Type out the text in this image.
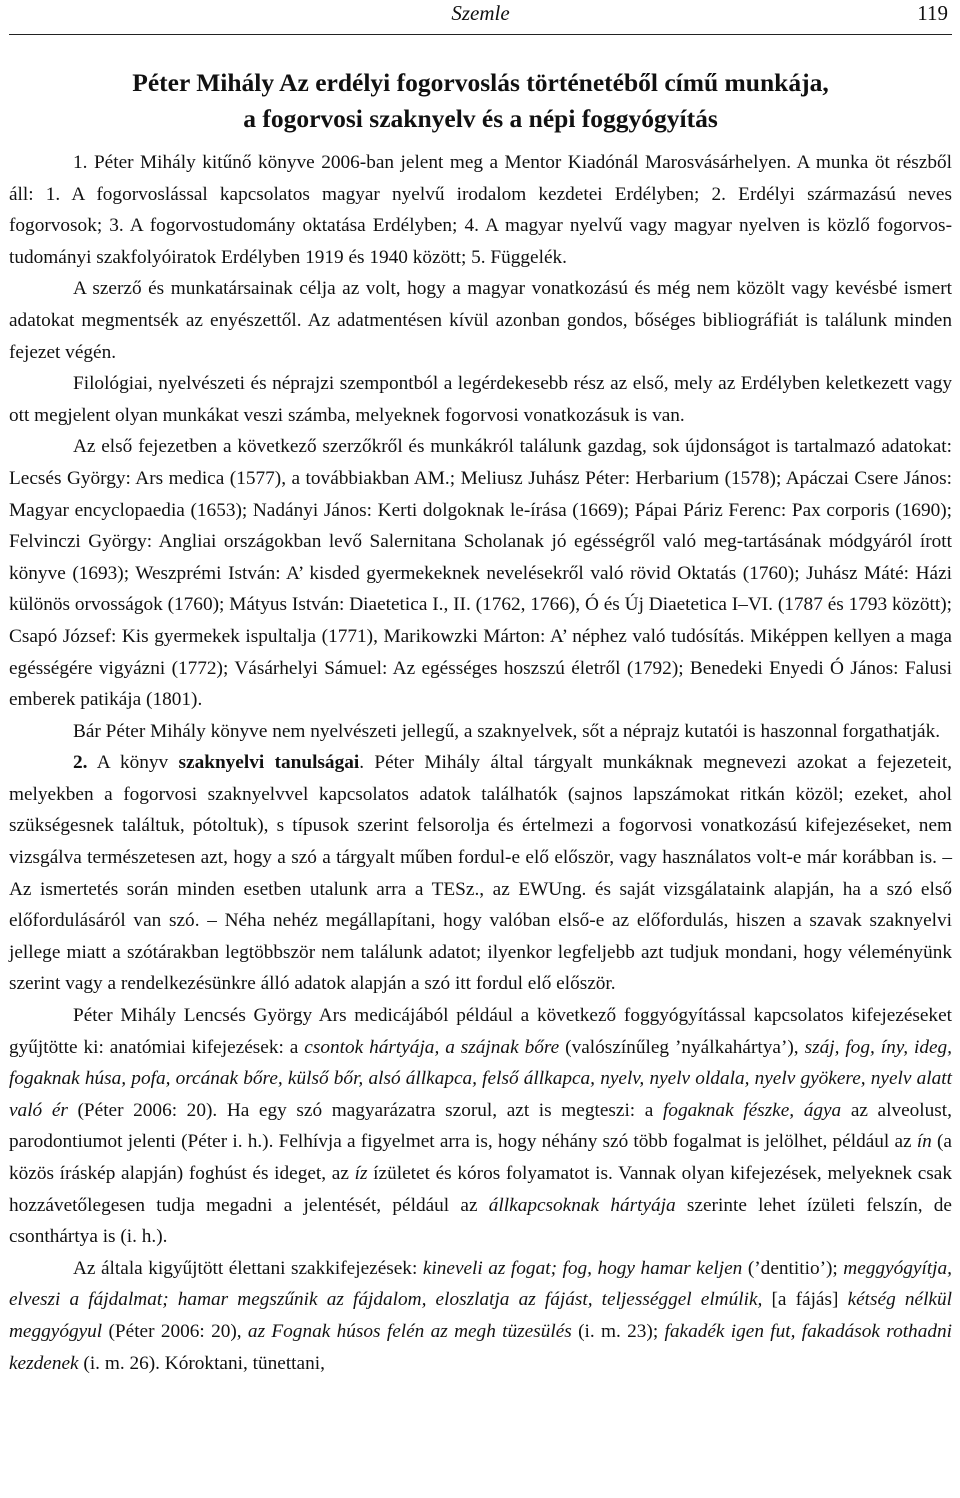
Szemle	119
Péter Mihály Az erdélyi fogorvoslás történetéből című munkája,
a fogorvosi szaknyelv és a népi foggyógyítás

1. Péter Mihály kitűnő könyve 2006-ban jelent meg a Mentor Kiadónál Marosvásárhelyen. A munka öt részből áll: 1. A fogorvoslással kapcsolatos magyar nyelvű irodalom kezdetei Erdélyben; 2. Erdélyi származású neves fogorvosok; 3. A fogorvostudomány oktatása Erdélyben; 4. A magyar nyelvű vagy magyar nyelven is közlő fogorvos-tudományi szakfolyóiratok Erdélyben 1919 és 1940 között; 5. Függelék.

A szerző és munkatársainak célja az volt, hogy a magyar vonatkozású és még nem közölt vagy kevésbé ismert adatokat megmentsék az enyészettől. Az adatmentésen kívül azonban gondos, bőséges bibliográfiát is találunk minden fejezet végén.

Filológiai, nyelvészeti és néprajzi szempontból a legérdekesebb rész az első, mely az Erdélyben keletkezett vagy ott megjelent olyan munkákat veszi számba, melyeknek fogorvosi vonatkozásuk is van.

Az első fejezetben a következő szerzőkről és munkákról találunk gazdag, sok újdonságot is tartalmazó adatokat: Lecsés György: Ars medica (1577), a továbbiakban AM.; Meliusz Juhász Péter: Herbarium (1578); Apáczai Csere János: Magyar encyclopaedia (1653); Nadányi János: Kerti dolgoknak le-írása (1669); Pápai Páriz Ferenc: Pax corporis (1690); Felvinczi György: Angliai országokban levő Salernitana Scholanak jó egésségről való meg-tartásának módgyáról írott könyve (1693); Weszprémi István: A’ kisded gyermekeknek nevelésekről való rövid Oktatás (1760); Juhász Máté: Házi különös orvosságok (1760); Mátyus István: Diaetetica I., II. (1762, 1766), Ó és Új Diaetetica I–VI. (1787 és 1793 között); Csapó József: Kis gyermekek ispultalja (1771), Marikowzki Márton: A’ néphez való tudósítás. Miképpen kellyen a maga egésségére vigyázni (1772); Vásárhelyi Sámuel: Az egésséges hoszszú életről (1792); Benedeki Enyedi Ó János: Falusi emberek patikája (1801).

Bár Péter Mihály könyve nem nyelvészeti jellegű, a szaknyelvek, sőt a néprajz kutatói is haszonnal forgathatják.

2. A könyv szaknyelvi tanulságai. Péter Mihály által tárgyalt munkáknak megnevezi azokat a fejezeteit, melyekben a fogorvosi szaknyelvvel kapcsolatos adatok találhatók (sajnos lapszámokat ritkán közöl; ezeket, ahol szükségesnek találtuk, pótoltuk), s típusok szerint felsorolja és értelmezi a fogorvosi vonatkozású kifejezéseket, nem vizsgálva természetesen azt, hogy a szó a tárgyalt műben fordul-e elő először, vagy használatos volt-e már korábban is. – Az ismertetés során minden esetben utalunk arra a TESz., az EWUng. és saját vizsgálataink alapján, ha a szó első előfordulásáról van szó. – Néha nehéz megállapítani, hogy valóban első-e az előfordulás, hiszen a szavak szaknyelvi jellege miatt a szótárakban legtöbbször nem találunk adatot; ilyenkor legfeljebb azt tudjuk mondani, hogy véleményünk szerint vagy a rendelkezésünkre álló adatok alapján a szó itt fordul elő először.

Péter Mihály Lencsés György Ars medicájából például a következő foggyógyítással kapcsolatos kifejezéseket gyűjtötte ki: anatómiai kifejezések: a csontok hártyája, a szájnak bőre (valószínűleg ’nyálkahártya’), száj, fog, íny, ideg, fogaknak húsa, pofa, orcának bőre, külső bőr, alsó állkapca, felső állkapca, nyelv, nyelv oldala, nyelv gyökere, nyelv alatt való ér (Péter 2006: 20). Ha egy szó magyarázatra szorul, azt is megteszi: a fogaknak fészke, ágya az alveolust, parodontiumot jelenti (Péter i. h.). Felhívja a figyelmet arra is, hogy néhány szó több fogalmat is jelölhet, például az ín (a közös íráskép alapján) foghúst és ideget, az íz ízületet és kóros folyamatot is. Vannak olyan kifejezések, melyeknek csak hozzávetőlegesen tudja megadni a jelentését, például az állkapcsoknak hártyája szerinte lehet ízületi felszín, de csonthártya is (i. h.).

Az általa kigyűjtött élettani szakkifejezések: kineveli az fogat; fog, hogy hamar keljen (’dentitio’); meggyógyítja, elveszi a fájdalmat; hamar megszűnik az fájdalom, eloszlatja az fájást, teljességgel elmúlik, [a fájás] kétség nélkül meggyógyul (Péter 2006: 20), az Fognak húsos felén az megh tüzesülés (i. m. 23); fakadék igen fut, fakadások rothadni kezdenek (i. m. 26). Kóroktani, tünettani,
